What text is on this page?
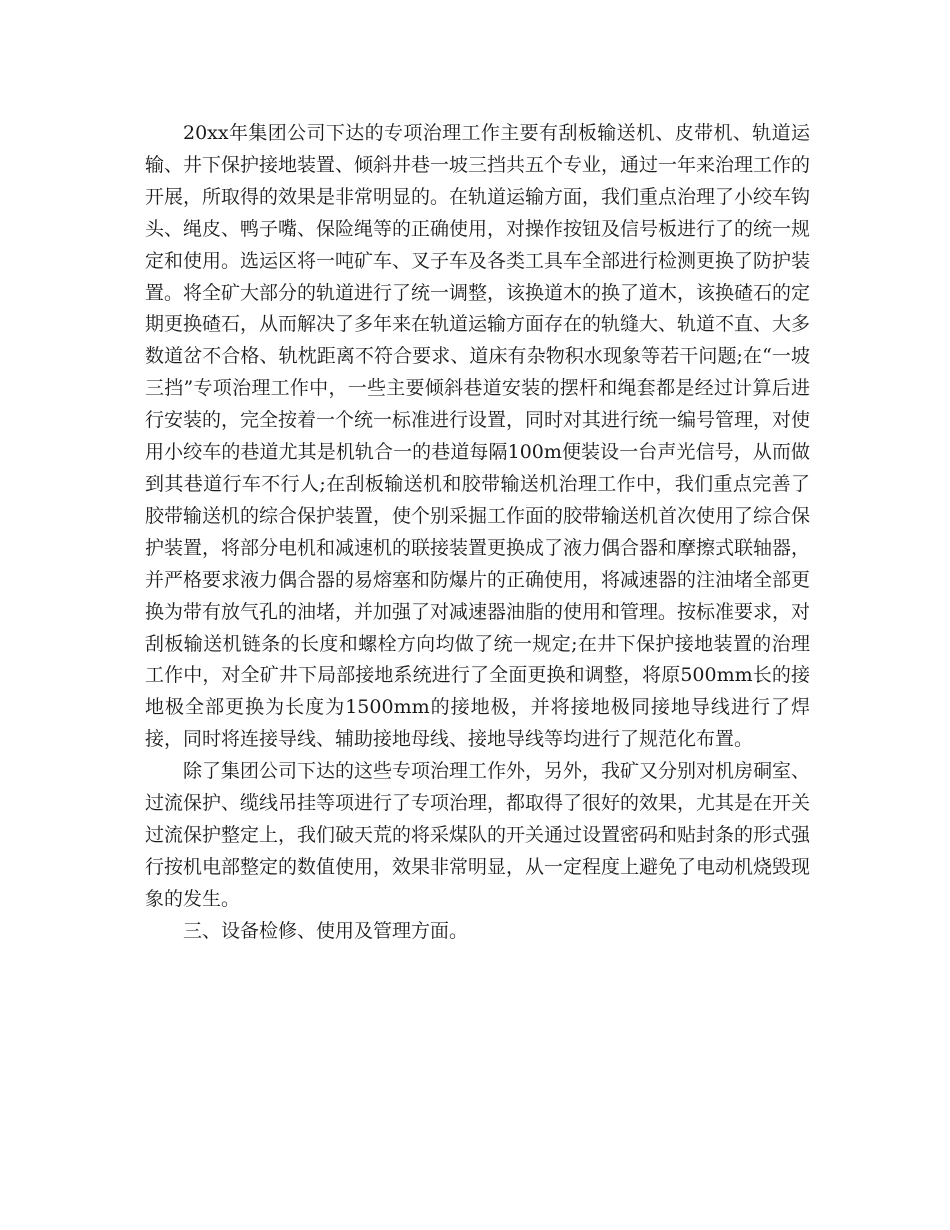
20xx年集团公司下达的专项治理工作主要有刮板输送机、皮带机、轨道运输、井下保护接地装置、倾斜井巷一坡三挡共五个专业，通过一年来治理工作的开展，所取得的效果是非常明显的。在轨道运输方面，我们重点治理了小绞车钩头、绳皮、鸭子嘴、保险绳等的正确使用，对操作按钮及信号板进行了的统一规定和使用。选运区将一吨矿车、叉子车及各类工具车全部进行检测更换了防护装置。将全矿大部分的轨道进行了统一调整，该换道木的换了道木，该换碴石的定期更换碴石，从而解决了多年来在轨道运输方面存在的轨缝大、轨道不直、大多数道岔不合格、轨枕距离不符合要求、道床有杂物积水现象等若干问题;在“一坡三挡”专项治理工作中，一些主要倾斜巷道安装的摆杆和绳套都是经过计算后进行安装的，完全按着一个统一标准进行设置，同时对其进行统一编号管理，对使用小绞车的巷道尤其是机轨合一的巷道每隔100m便装设一台声光信号，从而做到其巷道行车不行人;在刮板输送机和胶带输送机治理工作中，我们重点完善了胶带输送机的综合保护装置，使个别采掘工作面的胶带输送机首次使用了综合保护装置，将部分电机和减速机的联接装置更换成了液力偶合器和摩擦式联轴器，并严格要求液力偶合器的易熔塞和防爆片的正确使用，将减速器的注油堵全部更换为带有放气孔的油堵，并加强了对减速器油脂的使用和管理。按标准要求，对刮板输送机链条的长度和螺栓方向均做了统一规定;在井下保护接地装置的治理工作中，对全矿井下局部接地系统进行了全面更换和调整，将原500mm长的接地极全部更换为长度为1500mm的接地极，并将接地极同接地导线进行了焊接，同时将连接导线、辅助接地母线、接地导线等均进行了规范化布置。

除了集团公司下达的这些专项治理工作外，另外，我矿又分别对机房硐室、过流保护、缆线吊挂等项进行了专项治理，都取得了很好的效果，尤其是在开关过流保护整定上，我们破天荒的将采煤队的开关通过设置密码和贴封条的形式强行按机电部整定的数值使用，效果非常明显，从一定程度上避免了电动机烧毁现象的发生。

三、设备检修、使用及管理方面。
